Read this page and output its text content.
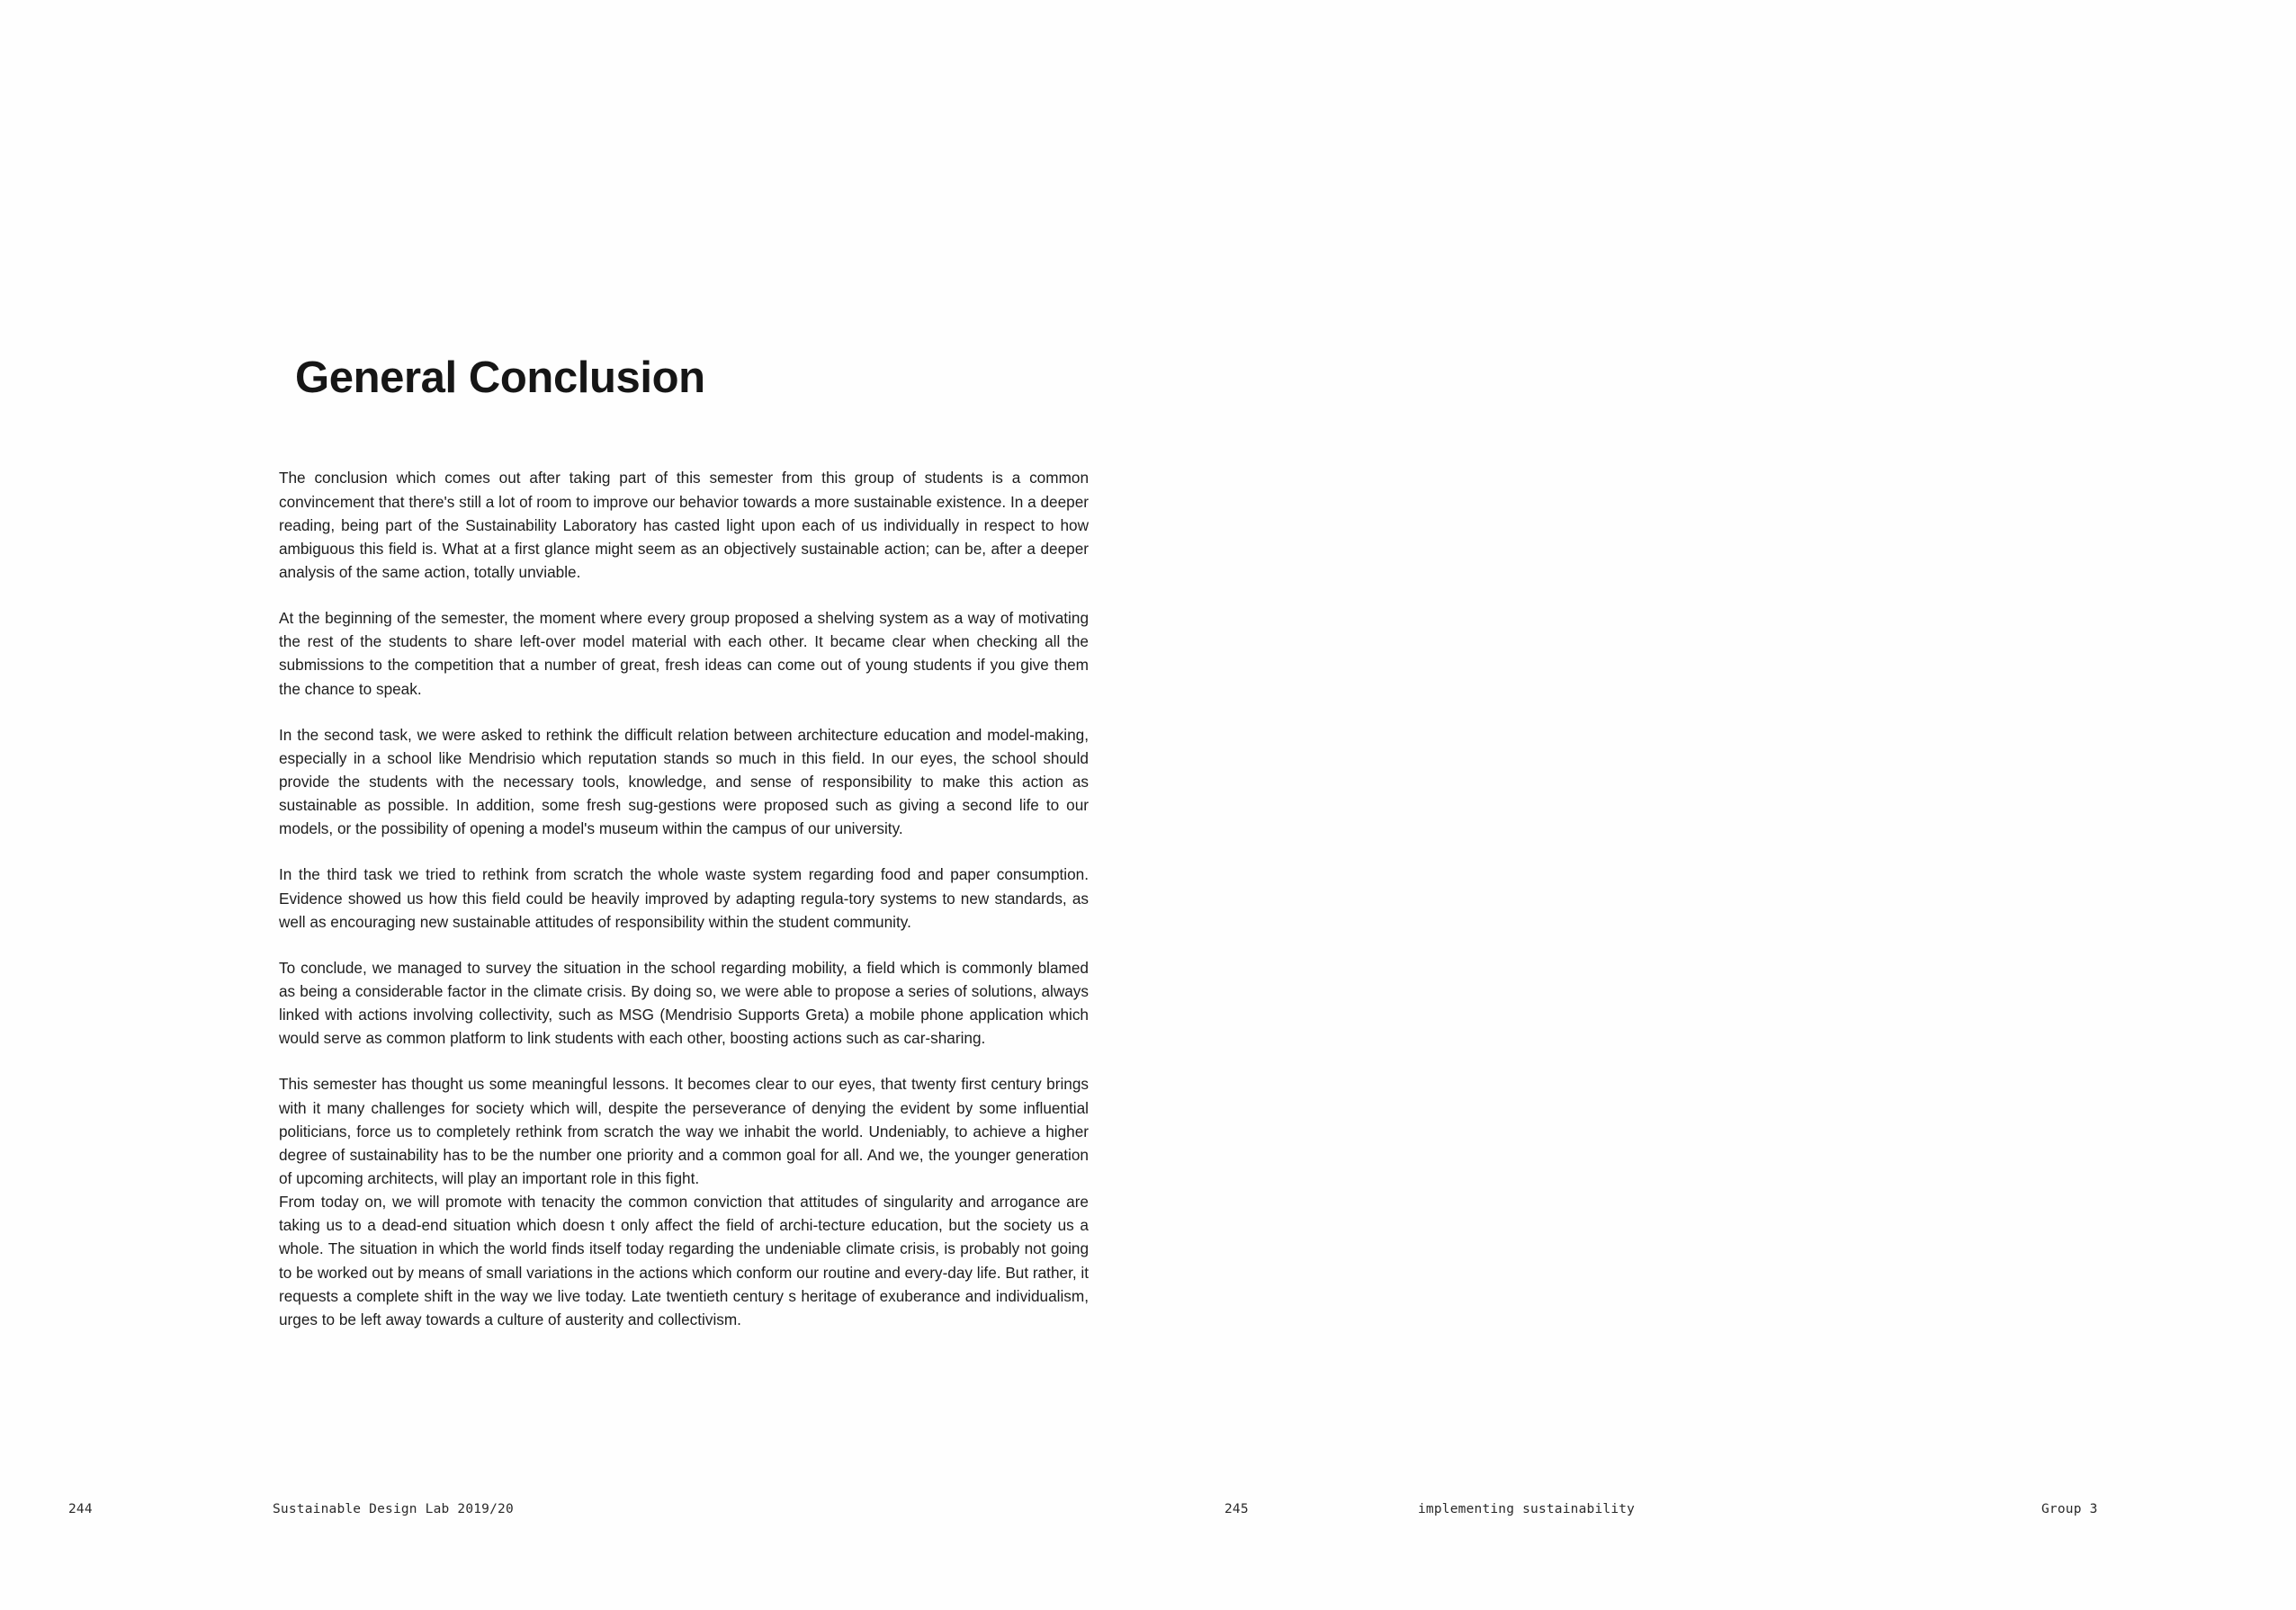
General Conclusion

The conclusion which comes out after taking part of this semester from this group of students is a common convincement that there's still a lot of room to improve our behavior towards a more sustainable existence. In a deeper reading, being part of the Sustainability Laboratory has casted light upon each of us individually in respect to how ambiguous this field is. What at a first glance might seem as an objectively sustainable action; can be, after a deeper analysis of the same action, totally unviable.

At the beginning of the semester, the moment where every group proposed a shelving system as a way of motivating the rest of the students to share left-over model material with each other. It became clear when checking all the submissions to the competition that a number of great, fresh ideas can come out of young students if you give them the chance to speak.

In the second task, we were asked to rethink the difficult relation between architecture education and model-making, especially in a school like Mendrisio which reputation stands so much in this field. In our eyes, the school should provide the students with the necessary tools, knowledge, and sense of responsibility to make this action as sustainable as possible. In addition, some fresh sug-gestions were proposed such as giving a second life to our models, or the possibility of opening a model's museum within the campus of our university.

In the third task we tried to rethink from scratch the whole waste system regarding food and paper consumption. Evidence showed us how this field could be heavily improved by adapting regula-tory systems to new standards, as well as encouraging new sustainable attitudes of responsibility within the student community.

To conclude, we managed to survey the situation in the school regarding mobility, a field which is commonly blamed as being a considerable factor in the climate crisis. By doing so, we were able to propose a series of solutions, always linked with actions involving collectivity, such as MSG (Mendrisio Supports Greta) a mobile phone application which would serve as common platform to link students with each other, boosting actions such as car-sharing.

This semester has thought us some meaningful lessons. It becomes clear to our eyes, that twenty first century brings with it many challenges for society which will, despite the perseverance of denying the evident by some influential politicians, force us to completely rethink from scratch the way we inhabit the world. Undeniably, to achieve a higher degree of sustainability has to be the number one priority and a common goal for all. And we, the younger generation of upcoming architects, will play an important role in this fight.

From today on, we will promote with tenacity the common conviction that attitudes of singularity and arrogance are taking us to a dead-end situation which doesn t only affect the field of archi-tecture education, but the society us a whole. The situation in which the world finds itself today regarding the undeniable climate crisis, is probably not going to be worked out by means of small variations in the actions which conform our routine and every-day life. But rather, it requests a complete shift in the way we live today. Late twentieth century s heritage of exuberance and individualism, urges to be left away towards a culture of austerity and collectivism.

244	Sustainable Design Lab 2019/20	245	implementing sustainability	Group 3
